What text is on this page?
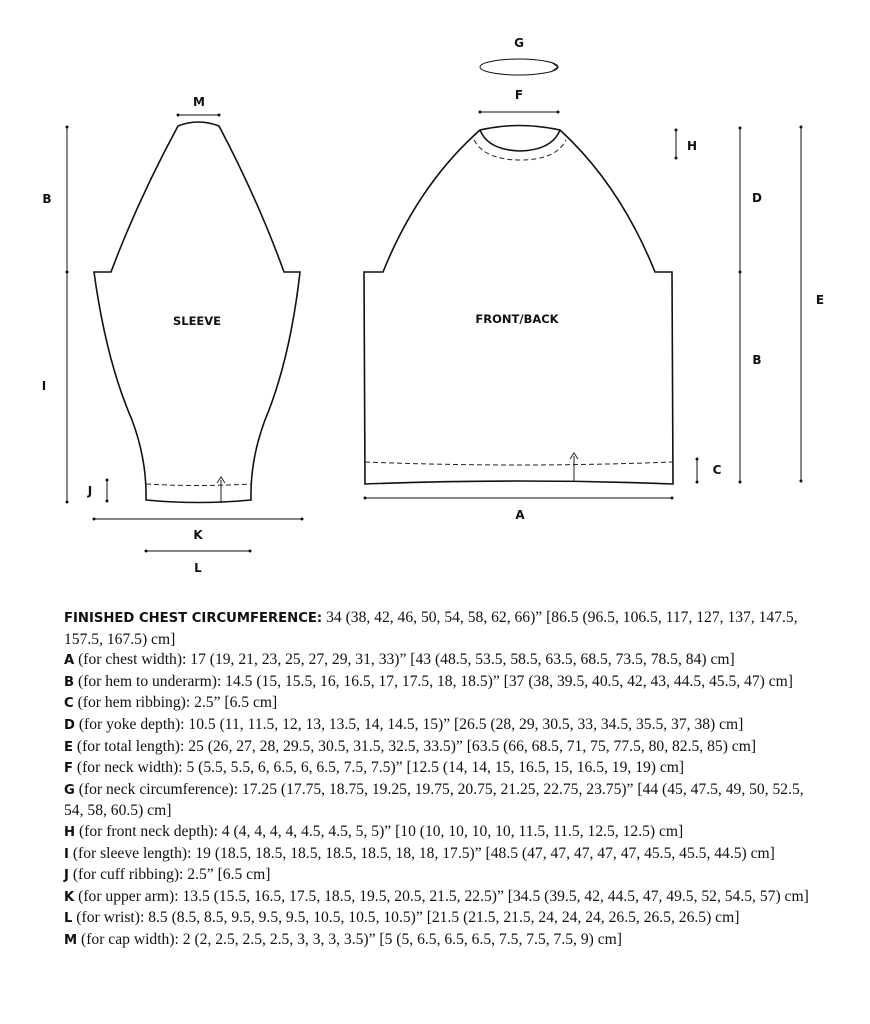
SLEEVE
M
B
I
J
K
L
FRONT/BACK
G
F
H
D
B
C
E
A

FINISHED CHEST CIRCUMFERENCE: 34 (38, 42, 46, 50, 54, 58, 62, 66)” [86.5 (96.5, 106.5, 117, 127, 137, 147.5, 157.5, 167.5) cm]

A (for chest width): 17 (19, 21, 23, 25, 27, 29, 31, 33)” [43 (48.5, 53.5, 58.5, 63.5, 68.5, 73.5, 78.5, 84) cm]

B (for hem to underarm): 14.5 (15, 15.5, 16, 16.5, 17, 17.5, 18, 18.5)” [37 (38, 39.5, 40.5, 42, 43, 44.5, 45.5, 47) cm]

C (for hem ribbing): 2.5” [6.5 cm]

D (for yoke depth): 10.5 (11, 11.5, 12, 13, 13.5, 14, 14.5, 15)” [26.5 (28, 29, 30.5, 33, 34.5, 35.5, 37, 38) cm]

E (for total length): 25 (26, 27, 28, 29.5, 30.5, 31.5, 32.5, 33.5)” [63.5 (66, 68.5, 71, 75, 77.5, 80, 82.5, 85) cm]

F (for neck width): 5 (5.5, 5.5, 6, 6.5, 6, 6.5, 7.5, 7.5)” [12.5 (14, 14, 15, 16.5, 15, 16.5, 19, 19) cm]

G (for neck circumference): 17.25 (17.75, 18.75, 19.25, 19.75, 20.75, 21.25, 22.75, 23.75)” [44 (45, 47.5, 49, 50, 52.5, 54, 58, 60.5) cm]

H (for front neck depth): 4 (4, 4, 4, 4, 4.5, 4.5, 5, 5)” [10 (10, 10, 10, 10, 11.5, 11.5, 12.5, 12.5) cm]

I (for sleeve length): 19 (18.5, 18.5, 18.5, 18.5, 18.5, 18, 18, 17.5)” [48.5 (47, 47, 47, 47, 47, 45.5, 45.5, 44.5) cm]

J (for cuff ribbing): 2.5” [6.5 cm]

K (for upper arm): 13.5 (15.5, 16.5, 17.5, 18.5, 19.5, 20.5, 21.5, 22.5)” [34.5 (39.5, 42, 44.5, 47, 49.5, 52, 54.5, 57) cm]

L (for wrist): 8.5 (8.5, 8.5, 9.5, 9.5, 9.5, 10.5, 10.5, 10.5)” [21.5 (21.5, 21.5, 24, 24, 24, 26.5, 26.5, 26.5) cm]

M (for cap width): 2 (2, 2.5, 2.5, 2.5, 3, 3, 3, 3.5)” [5 (5, 6.5, 6.5, 6.5, 7.5, 7.5, 7.5, 9) cm]
